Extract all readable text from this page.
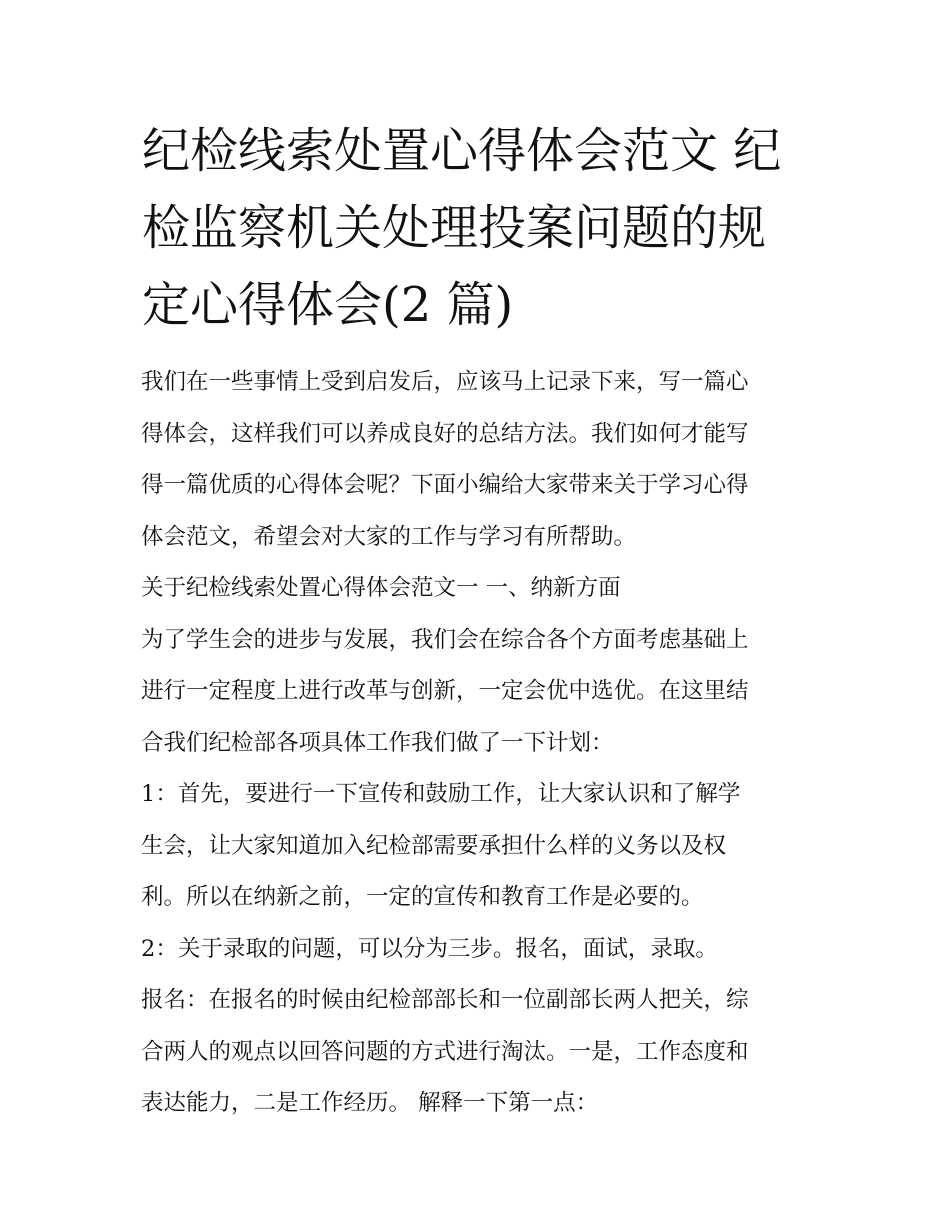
纪检线索处置心得体会范文 纪
检监察机关处理投案问题的规
定心得体会(2 篇)

我们在一些事情上受到启发后，应该马上记录下来，写一篇心
得体会，这样我们可以养成良好的总结方法。我们如何才能写
得一篇优质的心得体会呢？下面小编给大家带来关于学习心得
体会范文，希望会对大家的工作与学习有所帮助。

关于纪检线索处置心得体会范文一 一、纳新方面

为了学生会的进步与发展，我们会在综合各个方面考虑基础上
进行一定程度上进行改革与创新，一定会优中选优。在这里结
合我们纪检部各项具体工作我们做了一下计划：

1：首先，要进行一下宣传和鼓励工作，让大家认识和了解学
生会，让大家知道加入纪检部需要承担什么样的义务以及权
利。所以在纳新之前，一定的宣传和教育工作是必要的。

2：关于录取的问题，可以分为三步。报名，面试，录取。

报名：在报名的时候由纪检部部长和一位副部长两人把关，综
合两人的观点以回答问题的方式进行淘汰。一是，工作态度和
表达能力，二是工作经历。 解释一下第一点：
